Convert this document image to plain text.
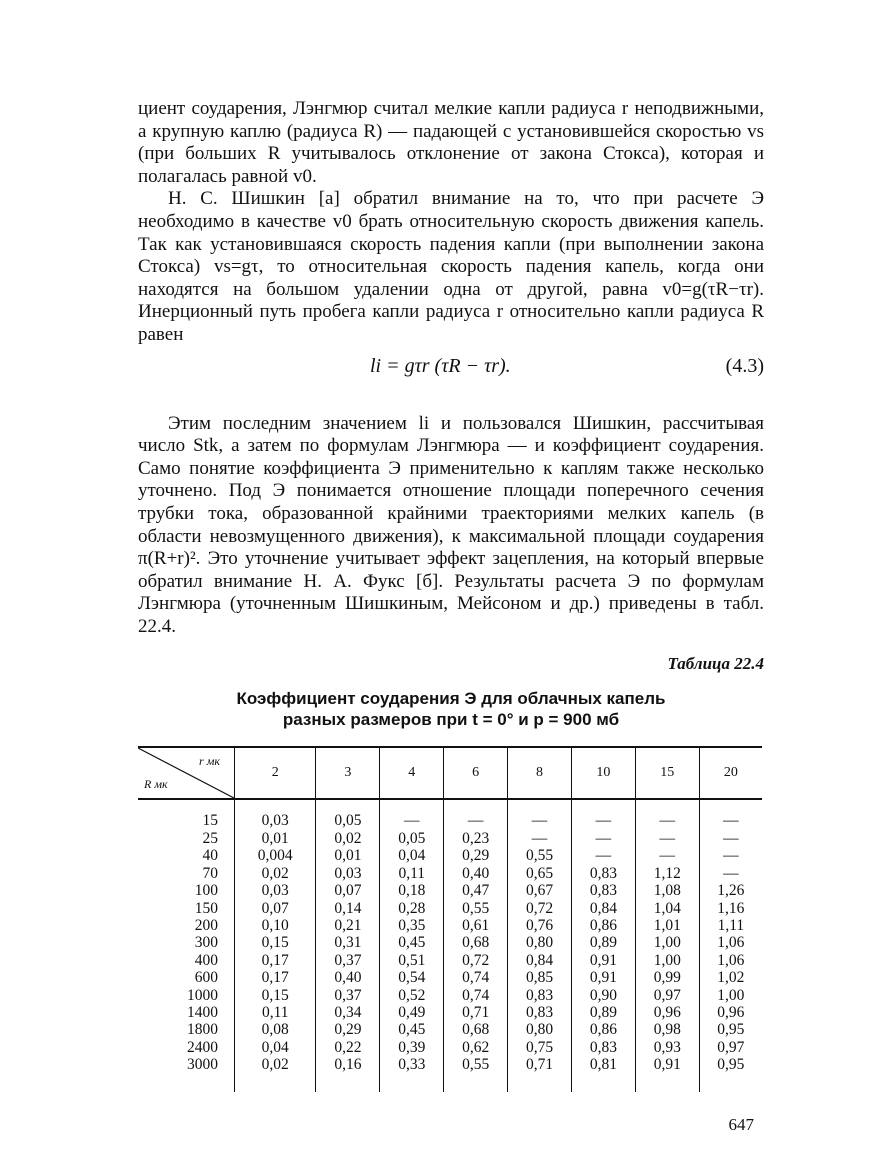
циент соударения, Лэнгмюр считал мелкие капли радиуса r неподвижными, а крупную каплю (радиуса R) — падающей с установившейся скоростью vs (при больших R учитывалось отклонение от закона Стокса), которая и полагалась равной v0.

Н. С. Шишкин [а] обратил внимание на то, что при расчете Э необходимо в качестве v0 брать относительную скорость движения капель. Так как установившаяся скорость падения капли (при выполнении закона Стокса) vs=gτ, то относительная скорость падения капель, когда они находятся на большом удалении одна от другой, равна v0=g(τR−τr). Инерционный путь пробега капли радиуса r относительно капли радиуса R равен

li = gτr (τR − τr).	(4.3)

Этим последним значением li и пользовался Шишкин, рассчитывая число Stk, а затем по формулам Лэнгмюра — и коэффициент соударения. Само понятие коэффициента Э применительно к каплям также несколько уточнено. Под Э понимается отношение площади поперечного сечения трубки тока, образованной крайними траекториями мелких капель (в области невозмущенного движения), к максимальной площади соударения π(R+r)². Это уточнение учитывает эффект зацепления, на который впервые обратил внимание Н. А. Фукс [б]. Результаты расчета Э по формулам Лэнгмюра (уточненным Шишкиным, Мейсоном и др.) приведены в табл. 22.4.

Таблица 22.4
Коэффициент соударения Э для облачных капель
разных размеров при t = 0° и p = 900 мб
r мк
R мк	2	3	4	6	8	10	15	20
15	0,03	0,05	—	—	—	—	—	—
25	0,01	0,02	0,05	0,23	—	—	—	—
40	0,004	0,01	0,04	0,29	0,55	—	—	—
70	0,02	0,03	0,11	0,40	0,65	0,83	1,12	—
100	0,03	0,07	0,18	0,47	0,67	0,83	1,08	1,26
150	0,07	0,14	0,28	0,55	0,72	0,84	1,04	1,16
200	0,10	0,21	0,35	0,61	0,76	0,86	1,01	1,11
300	0,15	0,31	0,45	0,68	0,80	0,89	1,00	1,06
400	0,17	0,37	0,51	0,72	0,84	0,91	1,00	1,06
600	0,17	0,40	0,54	0,74	0,85	0,91	0,99	1,02
1000	0,15	0,37	0,52	0,74	0,83	0,90	0,97	1,00
1400	0,11	0,34	0,49	0,71	0,83	0,89	0,96	0,96
1800	0,08	0,29	0,45	0,68	0,80	0,86	0,98	0,95
2400	0,04	0,22	0,39	0,62	0,75	0,83	0,93	0,97
3000	0,02	0,16	0,33	0,55	0,71	0,81	0,91	0,95
647
